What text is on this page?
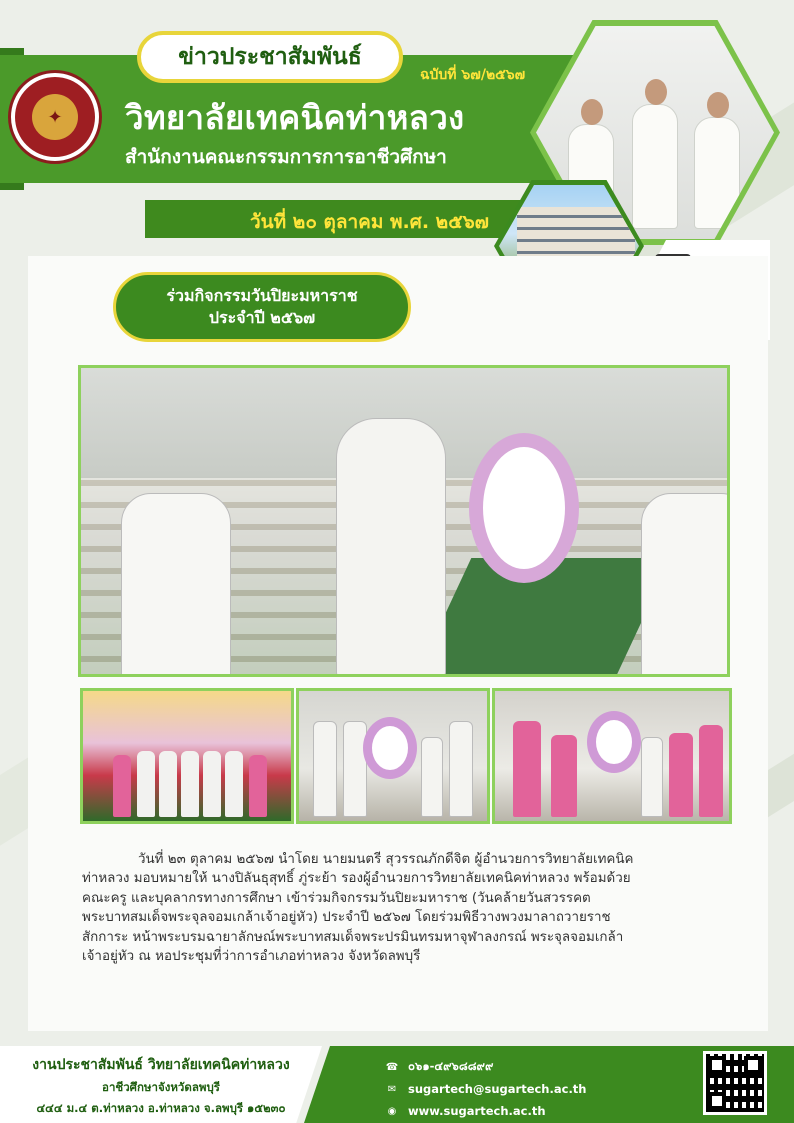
✦
ข่าวประชาสัมพันธ์
ฉบับที่ ๖๗/๒๕๖๗
วิทยาลัยเทคนิคท่าหลวง
สำนักงานคณะกรรมการการอาชีวศึกษา
วันที่ ๒๐ ตุลาคม พ.ศ. ๒๕๖๗
ร่วมกิจกรรมวันปิยะมหาราช
ประจำปี ๒๕๖๗
วันที่ ๒๓ ตุลาคม ๒๕๖๗ นำโดย นายมนตรี สุวรรณภักดีจิต ผู้อำนวยการวิทยาลัยเทคนิค
ท่าหลวง มอบหมายให้ นางปิลันธุสุทธิ์ ภู่ระย้า รองผู้อำนวยการวิทยาลัยเทคนิคท่าหลวง พร้อมด้วย
คณะครู และบุคลากรทางการศึกษา เข้าร่วมกิจกรรมวันปิยะมหาราช (วันคล้ายวันสวรรคต
พระบาทสมเด็จพระจุลจอมเกล้าเจ้าอยู่หัว) ประจำปี ๒๕๖๗ โดยร่วมพิธีวางพวงมาลาถวายราช
สักการะ หน้าพระบรมฉายาลักษณ์พระบาทสมเด็จพระปรมินทรมหาจุฬาลงกรณ์ พระจุลจอมเกล้า
เจ้าอยู่หัว ณ หอประชุมที่ว่าการอำเภอท่าหลวง จังหวัดลพบุรี
งานประชาสัมพันธ์ วิทยาลัยเทคนิคท่าหลวง
อาชีวศึกษาจังหวัดลพบุรี
๔๔๔ ม.๔ ต.ท่าหลวง อ.ท่าหลวง จ.ลพบุรี ๑๕๒๓๐
☎ ๐๖๑-๔๙๖๘๘๙๙
✉ sugartech@sugartech.ac.th
◉ www.sugartech.ac.th
